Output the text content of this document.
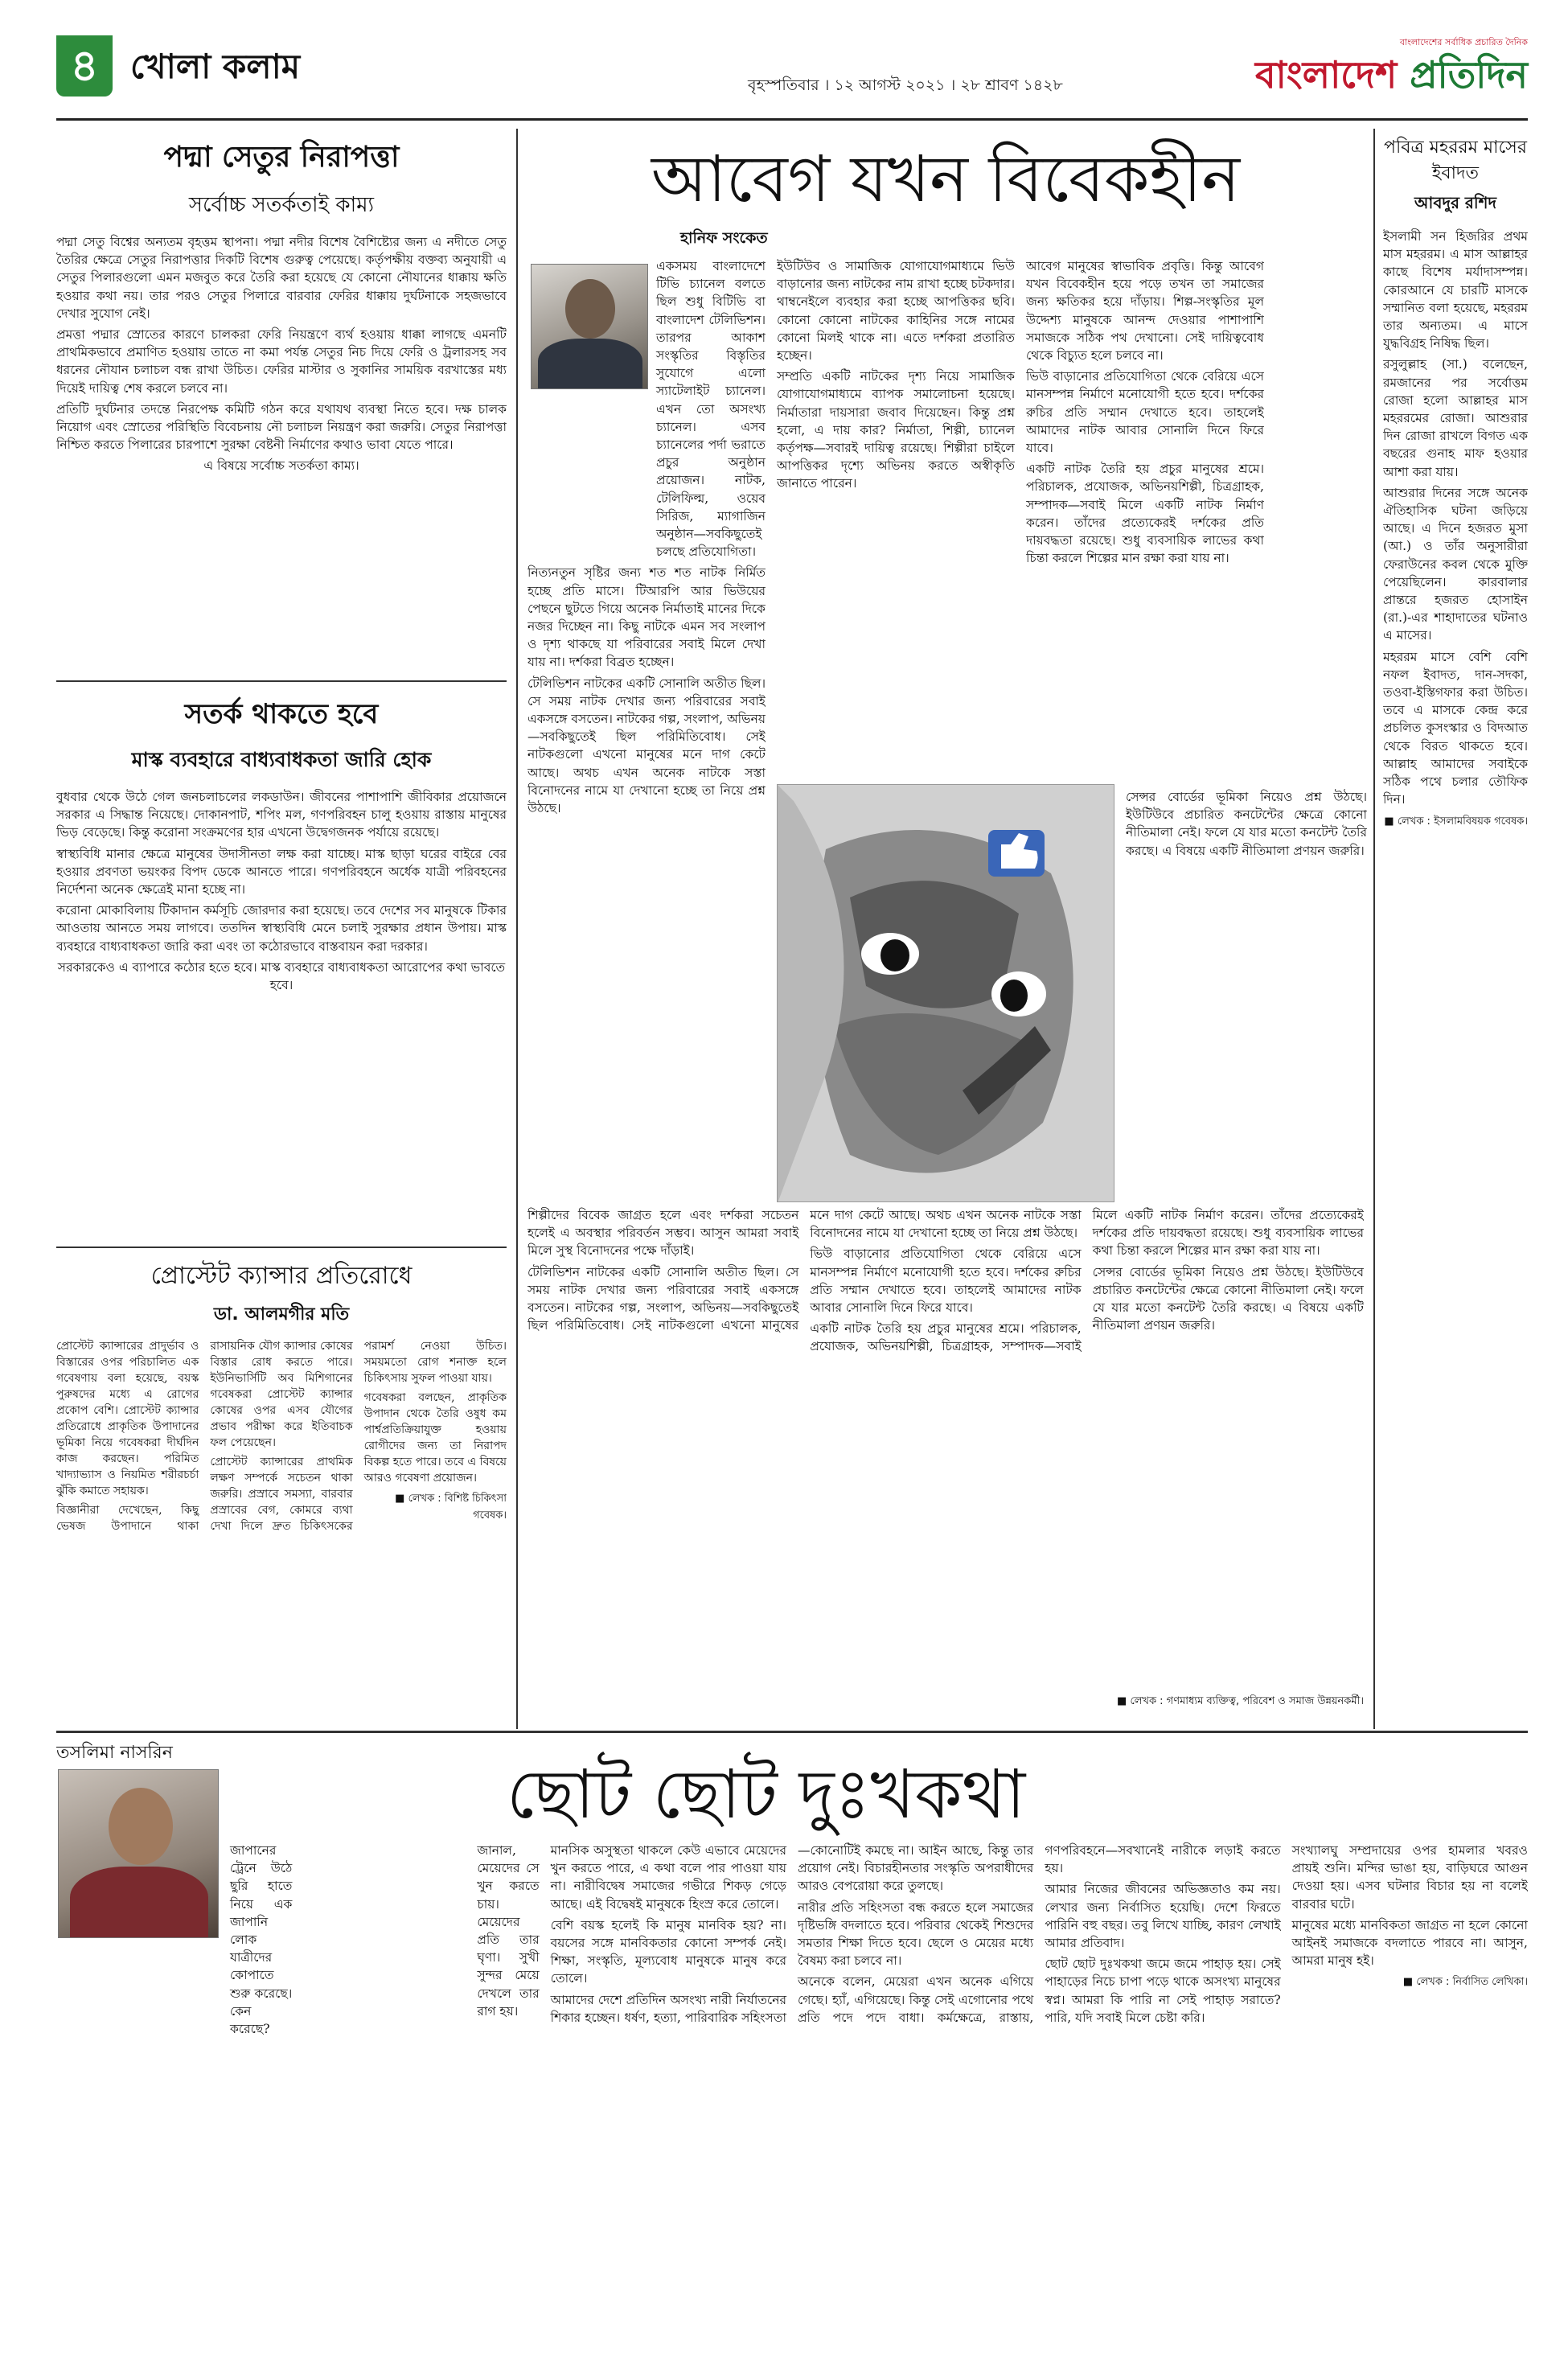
৪ খোলা কলাম	বৃহস্পতিবার । ১২ আগস্ট ২০২১ । ২৮ শ্রাবণ ১৪২৮
বাংলাদেশের সর্বাধিক প্রচারিত দৈনিক
বাংলাদেশ প্রতিদিন
পদ্মা সেতুর নিরাপত্তা
সর্বোচ্চ সতর্কতাই কাম্য

পদ্মা সেতু বিশ্বের অন্যতম বৃহত্তম স্থাপনা। পদ্মা নদীর বিশেষ বৈশিষ্ট্যের জন্য এ নদীতে সেতু তৈরির ক্ষেত্রে সেতুর নিরাপত্তার দিকটি বিশেষ গুরুত্ব পেয়েছে। কর্তৃপক্ষীয় বক্তব্য অনুযায়ী এ সেতুর পিলারগুলো এমন মজবুত করে তৈরি করা হয়েছে যে কোনো নৌযানের ধাক্কায় ক্ষতি হওয়ার কথা নয়। তার পরও সেতুর পিলারে বারবার ফেরির ধাক্কায় দুর্ঘটনাকে সহজভাবে দেখার সুযোগ নেই।

প্রমত্তা পদ্মার স্রোতের কারণে চালকরা ফেরি নিয়ন্ত্রণে ব্যর্থ হওয়ায় ধাক্কা লাগছে এমনটি প্রাথমিকভাবে প্রমাণিত হওয়ায় তাতে না কমা পর্যন্ত সেতুর নিচ দিয়ে ফেরি ও ট্রলারসহ সব ধরনের নৌযান চলাচল বন্ধ রাখা উচিত। ফেরির মাস্টার ও সুকানির সাময়িক বরখাস্তের মধ্য দিয়েই দায়িত্ব শেষ করলে চলবে না।

প্রতিটি দুর্ঘটনার তদন্তে নিরপেক্ষ কমিটি গঠন করে যথাযথ ব্যবস্থা নিতে হবে। দক্ষ চালক নিয়োগ এবং স্রোতের পরিস্থিতি বিবেচনায় নৌ চলাচল নিয়ন্ত্রণ করা জরুরি। সেতুর নিরাপত্তা নিশ্চিত করতে পিলারের চারপাশে সুরক্ষা বেষ্টনী নির্মাণের কথাও ভাবা যেতে পারে।

এ বিষয়ে সর্বোচ্চ সতর্কতা কাম্য।

সতর্ক থাকতে হবে
মাস্ক ব্যবহারে বাধ্যবাধকতা জারি হোক

বুধবার থেকে উঠে গেল জনচলাচলের লকডাউন। জীবনের পাশাপাশি জীবিকার প্রয়োজনে সরকার এ সিদ্ধান্ত নিয়েছে। দোকানপাট, শপিং মল, গণপরিবহন চালু হওয়ায় রাস্তায় মানুষের ভিড় বেড়েছে। কিন্তু করোনা সংক্রমণের হার এখনো উদ্বেগজনক পর্যায়ে রয়েছে।

স্বাস্থ্যবিধি মানার ক্ষেত্রে মানুষের উদাসীনতা লক্ষ করা যাচ্ছে। মাস্ক ছাড়া ঘরের বাইরে বের হওয়ার প্রবণতা ভয়ংকর বিপদ ডেকে আনতে পারে। গণপরিবহনে অর্ধেক যাত্রী পরিবহনের নির্দেশনা অনেক ক্ষেত্রেই মানা হচ্ছে না।

করোনা মোকাবিলায় টিকাদান কর্মসূচি জোরদার করা হয়েছে। তবে দেশের সব মানুষকে টিকার আওতায় আনতে সময় লাগবে। ততদিন স্বাস্থ্যবিধি মেনে চলাই সুরক্ষার প্রধান উপায়। মাস্ক ব্যবহারে বাধ্যবাধকতা জারি করা এবং তা কঠোরভাবে বাস্তবায়ন করা দরকার।

সরকারকেও এ ব্যাপারে কঠোর হতে হবে। মাস্ক ব্যবহারে বাধ্যবাধকতা আরোপের কথা ভাবতে হবে।

প্রোস্টেট ক্যান্সার প্রতিরোধে
ডা. আলমগীর মতি

প্রোস্টেট ক্যান্সারের প্রাদুর্ভাব ও বিস্তারের ওপর পরিচালিত এক গবেষণায় বলা হয়েছে, বয়স্ক পুরুষদের মধ্যে এ রোগের প্রকোপ বেশি। প্রোস্টেট ক্যান্সার প্রতিরোধে প্রাকৃতিক উপাদানের ভূমিকা নিয়ে গবেষকরা দীর্ঘদিন কাজ করছেন। পরিমিত খাদ্যাভ্যাস ও নিয়মিত শরীরচর্চা ঝুঁকি কমাতে সহায়ক।

বিজ্ঞানীরা দেখেছেন, কিছু ভেষজ উপাদানে থাকা রাসায়নিক যৌগ ক্যান্সার কোষের বিস্তার রোধ করতে পারে। ইউনিভার্সিটি অব মিশিগানের গবেষকরা প্রোস্টেট ক্যান্সার কোষের ওপর এসব যৌগের প্রভাব পরীক্ষা করে ইতিবাচক ফল পেয়েছেন।

প্রোস্টেট ক্যান্সারের প্রাথমিক লক্ষণ সম্পর্কে সচেতন থাকা জরুরি। প্রস্রাবে সমস্যা, বারবার প্রস্রাবের বেগ, কোমরে ব্যথা দেখা দিলে দ্রুত চিকিৎসকের পরামর্শ নেওয়া উচিত। সময়মতো রোগ শনাক্ত হলে চিকিৎসায় সুফল পাওয়া যায়।

গবেষকরা বলছেন, প্রাকৃতিক উপাদান থেকে তৈরি ওষুধ কম পার্শ্বপ্রতিক্রিয়াযুক্ত হওয়ায় রোগীদের জন্য তা নিরাপদ বিকল্প হতে পারে। তবে এ বিষয়ে আরও গবেষণা প্রয়োজন।

■ লেখক : বিশিষ্ট চিকিৎসা গবেষক।
আবেগ যখন বিবেকহীন
হানিফ সংকেত

একসময় বাংলাদেশে টিভি চ্যানেল বলতে ছিল শুধু বিটিভি বা বাংলাদেশ টেলিভিশন। তারপর আকাশ সংস্কৃতির বিস্তৃতির সুযোগে এলো স্যাটেলাইট চ্যানেল। এখন তো অসংখ্য চ্যানেল। এসব চ্যানেলের পর্দা ভরাতে প্রচুর অনুষ্ঠান প্রয়োজন। নাটক, টেলিফিল্ম, ওয়েব সিরিজ, ম্যাগাজিন অনুষ্ঠান—সবকিছুতেই চলছে প্রতিযোগিতা।

নিত্যনতুন সৃষ্টির জন্য শত শত নাটক নির্মিত হচ্ছে প্রতি মাসে। টিআরপি আর ভিউয়ের পেছনে ছুটতে গিয়ে অনেক নির্মাতাই মানের দিকে নজর দিচ্ছেন না। কিছু নাটকে এমন সব সংলাপ ও দৃশ্য থাকছে যা পরিবারের সবাই মিলে দেখা যায় না। দর্শকরা বিব্রত হচ্ছেন।

টেলিভিশন নাটকের একটি সোনালি অতীত ছিল। সে সময় নাটক দেখার জন্য পরিবারের সবাই একসঙ্গে বসতেন। নাটকের গল্প, সংলাপ, অভিনয়—সবকিছুতেই ছিল পরিমিতিবোধ। সেই নাটকগুলো এখনো মানুষের মনে দাগ কেটে আছে। অথচ এখন অনেক নাটকে সস্তা বিনোদনের নামে যা দেখানো হচ্ছে তা নিয়ে প্রশ্ন উঠছে।

ইউটিউব ও সামাজিক যোগাযোগমাধ্যমে ভিউ বাড়ানোর জন্য নাটকের নাম রাখা হচ্ছে চটকদার। থাম্বনেইলে ব্যবহার করা হচ্ছে আপত্তিকর ছবি। কোনো কোনো নাটকের কাহিনির সঙ্গে নামের কোনো মিলই থাকে না। এতে দর্শকরা প্রতারিত হচ্ছেন।

সম্প্রতি একটি নাটকের দৃশ্য নিয়ে সামাজিক যোগাযোগমাধ্যমে ব্যাপক সমালোচনা হয়েছে। নির্মাতারা দায়সারা জবাব দিয়েছেন। কিন্তু প্রশ্ন হলো, এ দায় কার? নির্মাতা, শিল্পী, চ্যানেল কর্তৃপক্ষ—সবারই দায়িত্ব রয়েছে। শিল্পীরা চাইলে আপত্তিকর দৃশ্যে অভিনয় করতে অস্বীকৃতি জানাতে পারেন।

আবেগ মানুষের স্বাভাবিক প্রবৃত্তি। কিন্তু আবেগ যখন বিবেকহীন হয়ে পড়ে তখন তা সমাজের জন্য ক্ষতিকর হয়ে দাঁড়ায়। শিল্প-সংস্কৃতির মূল উদ্দেশ্য মানুষকে আনন্দ দেওয়ার পাশাপাশি সমাজকে সঠিক পথ দেখানো। সেই দায়িত্ববোধ থেকে বিচ্যুত হলে চলবে না।

ভিউ বাড়ানোর প্রতিযোগিতা থেকে বেরিয়ে এসে মানসম্পন্ন নির্মাণে মনোযোগী হতে হবে। দর্শকের রুচির প্রতি সম্মান দেখাতে হবে। তাহলেই আমাদের নাটক আবার সোনালি দিনে ফিরে যাবে।

একটি নাটক তৈরি হয় প্রচুর মানুষের শ্রমে। পরিচালক, প্রযোজক, অভিনয়শিল্পী, চিত্রগ্রাহক, সম্পাদক—সবাই মিলে একটি নাটক নির্মাণ করেন। তাঁদের প্রত্যেকেরই দর্শকের প্রতি দায়বদ্ধতা রয়েছে। শুধু ব্যবসায়িক লাভের কথা চিন্তা করলে শিল্পের মান রক্ষা করা যায় না।

সেন্সর বোর্ডের ভূমিকা নিয়েও প্রশ্ন উঠছে। ইউটিউবে প্রচারিত কনটেন্টের ক্ষেত্রে কোনো নীতিমালা নেই। ফলে যে যার মতো কনটেন্ট তৈরি করছে। এ বিষয়ে একটি নীতিমালা প্রণয়ন জরুরি।

শিল্পীদের বিবেক জাগ্রত হলে এবং দর্শকরা সচেতন হলেই এ অবস্থার পরিবর্তন সম্ভব। আসুন আমরা সবাই মিলে সুস্থ বিনোদনের পক্ষে দাঁড়াই।

টেলিভিশন নাটকের একটি সোনালি অতীত ছিল। সে সময় নাটক দেখার জন্য পরিবারের সবাই একসঙ্গে বসতেন। নাটকের গল্প, সংলাপ, অভিনয়—সবকিছুতেই ছিল পরিমিতিবোধ। সেই নাটকগুলো এখনো মানুষের মনে দাগ কেটে আছে। অথচ এখন অনেক নাটকে সস্তা বিনোদনের নামে যা দেখানো হচ্ছে তা নিয়ে প্রশ্ন উঠছে।

ভিউ বাড়ানোর প্রতিযোগিতা থেকে বেরিয়ে এসে মানসম্পন্ন নির্মাণে মনোযোগী হতে হবে। দর্শকের রুচির প্রতি সম্মান দেখাতে হবে। তাহলেই আমাদের নাটক আবার সোনালি দিনে ফিরে যাবে।

একটি নাটক তৈরি হয় প্রচুর মানুষের শ্রমে। পরিচালক, প্রযোজক, অভিনয়শিল্পী, চিত্রগ্রাহক, সম্পাদক—সবাই মিলে একটি নাটক নির্মাণ করেন। তাঁদের প্রত্যেকেরই দর্শকের প্রতি দায়বদ্ধতা রয়েছে। শুধু ব্যবসায়িক লাভের কথা চিন্তা করলে শিল্পের মান রক্ষা করা যায় না।

সেন্সর বোর্ডের ভূমিকা নিয়েও প্রশ্ন উঠছে। ইউটিউবে প্রচারিত কনটেন্টের ক্ষেত্রে কোনো নীতিমালা নেই। ফলে যে যার মতো কনটেন্ট তৈরি করছে। এ বিষয়ে একটি নীতিমালা প্রণয়ন জরুরি।

■ লেখক : গণমাধ্যম ব্যক্তিত্ব, পরিবেশ ও সমাজ উন্নয়নকর্মী।
পবিত্র মহররম মাসের ইবাদত
আবদুর রশিদ

ইসলামী সন হিজরির প্রথম মাস মহররম। এ মাস আল্লাহর কাছে বিশেষ মর্যাদাসম্পন্ন। কোরআনে যে চারটি মাসকে সম্মানিত বলা হয়েছে, মহররম তার অন্যতম। এ মাসে যুদ্ধবিগ্রহ নিষিদ্ধ ছিল।

রসুলুল্লাহ (সা.) বলেছেন, রমজানের পর সর্বোত্তম রোজা হলো আল্লাহর মাস মহররমের রোজা। আশুরার দিন রোজা রাখলে বিগত এক বছরের গুনাহ মাফ হওয়ার আশা করা যায়।

আশুরার দিনের সঙ্গে অনেক ঐতিহাসিক ঘটনা জড়িয়ে আছে। এ দিনে হজরত মুসা (আ.) ও তাঁর অনুসারীরা ফেরাউনের কবল থেকে মুক্তি পেয়েছিলেন। কারবালার প্রান্তরে হজরত হোসাইন (রা.)-এর শাহাদাতের ঘটনাও এ মাসের।

মহররম মাসে বেশি বেশি নফল ইবাদত, দান-সদকা, তওবা-ইস্তিগফার করা উচিত। তবে এ মাসকে কেন্দ্র করে প্রচলিত কুসংস্কার ও বিদআত থেকে বিরত থাকতে হবে। আল্লাহ আমাদের সবাইকে সঠিক পথে চলার তৌফিক দিন।

■ লেখক : ইসলামবিষয়ক গবেষক।
তসলিমা নাসরিন
ছোট ছোট দুঃখকথা

জাপানের ট্রেনে উঠে ছুরি হাতে নিয়ে এক জাপানি লোক যাত্রীদের কোপাতে শুরু করেছে। কেন করেছে? জানাল, মেয়েদের সে খুন করতে চায়। মেয়েদের প্রতি তার ঘৃণা। সুখী সুন্দর মেয়ে দেখলে তার রাগ হয়।

মানসিক অসুস্থতা থাকলে কেউ এভাবে মেয়েদের খুন করতে পারে, এ কথা বলে পার পাওয়া যায় না। নারীবিদ্বেষ সমাজের গভীরে শিকড় গেড়ে আছে। এই বিদ্বেষই মানুষকে হিংস্র করে তোলে।

বেশি বয়স্ক হলেই কি মানুষ মানবিক হয়? না। বয়সের সঙ্গে মানবিকতার কোনো সম্পর্ক নেই। শিক্ষা, সংস্কৃতি, মূল্যবোধ মানুষকে মানুষ করে তোলে।

আমাদের দেশে প্রতিদিন অসংখ্য নারী নির্যাতনের শিকার হচ্ছেন। ধর্ষণ, হত্যা, পারিবারিক সহিংসতা—কোনোটিই কমছে না। আইন আছে, কিন্তু তার প্রয়োগ নেই। বিচারহীনতার সংস্কৃতি অপরাধীদের আরও বেপরোয়া করে তুলছে।

নারীর প্রতি সহিংসতা বন্ধ করতে হলে সমাজের দৃষ্টিভঙ্গি বদলাতে হবে। পরিবার থেকেই শিশুদের সমতার শিক্ষা দিতে হবে। ছেলে ও মেয়ের মধ্যে বৈষম্য করা চলবে না।

অনেকে বলেন, মেয়েরা এখন অনেক এগিয়ে গেছে। হ্যাঁ, এগিয়েছে। কিন্তু সেই এগোনোর পথে প্রতি পদে পদে বাধা। কর্মক্ষেত্রে, রাস্তায়, গণপরিবহনে—সবখানেই নারীকে লড়াই করতে হয়।

আমার নিজের জীবনের অভিজ্ঞতাও কম নয়। লেখার জন্য নির্বাসিত হয়েছি। দেশে ফিরতে পারিনি বহু বছর। তবু লিখে যাচ্ছি, কারণ লেখাই আমার প্রতিবাদ।

ছোট ছোট দুঃখকথা জমে জমে পাহাড় হয়। সেই পাহাড়ের নিচে চাপা পড়ে থাকে অসংখ্য মানুষের স্বপ্ন। আমরা কি পারি না সেই পাহাড় সরাতে? পারি, যদি সবাই মিলে চেষ্টা করি।

সংখ্যালঘু সম্প্রদায়ের ওপর হামলার খবরও প্রায়ই শুনি। মন্দির ভাঙা হয়, বাড়িঘরে আগুন দেওয়া হয়। এসব ঘটনার বিচার হয় না বলেই বারবার ঘটে।

মানুষের মধ্যে মানবিকতা জাগ্রত না হলে কোনো আইনই সমাজকে বদলাতে পারবে না। আসুন, আমরা মানুষ হই।

■ লেখক : নির্বাসিত লেখিকা।
